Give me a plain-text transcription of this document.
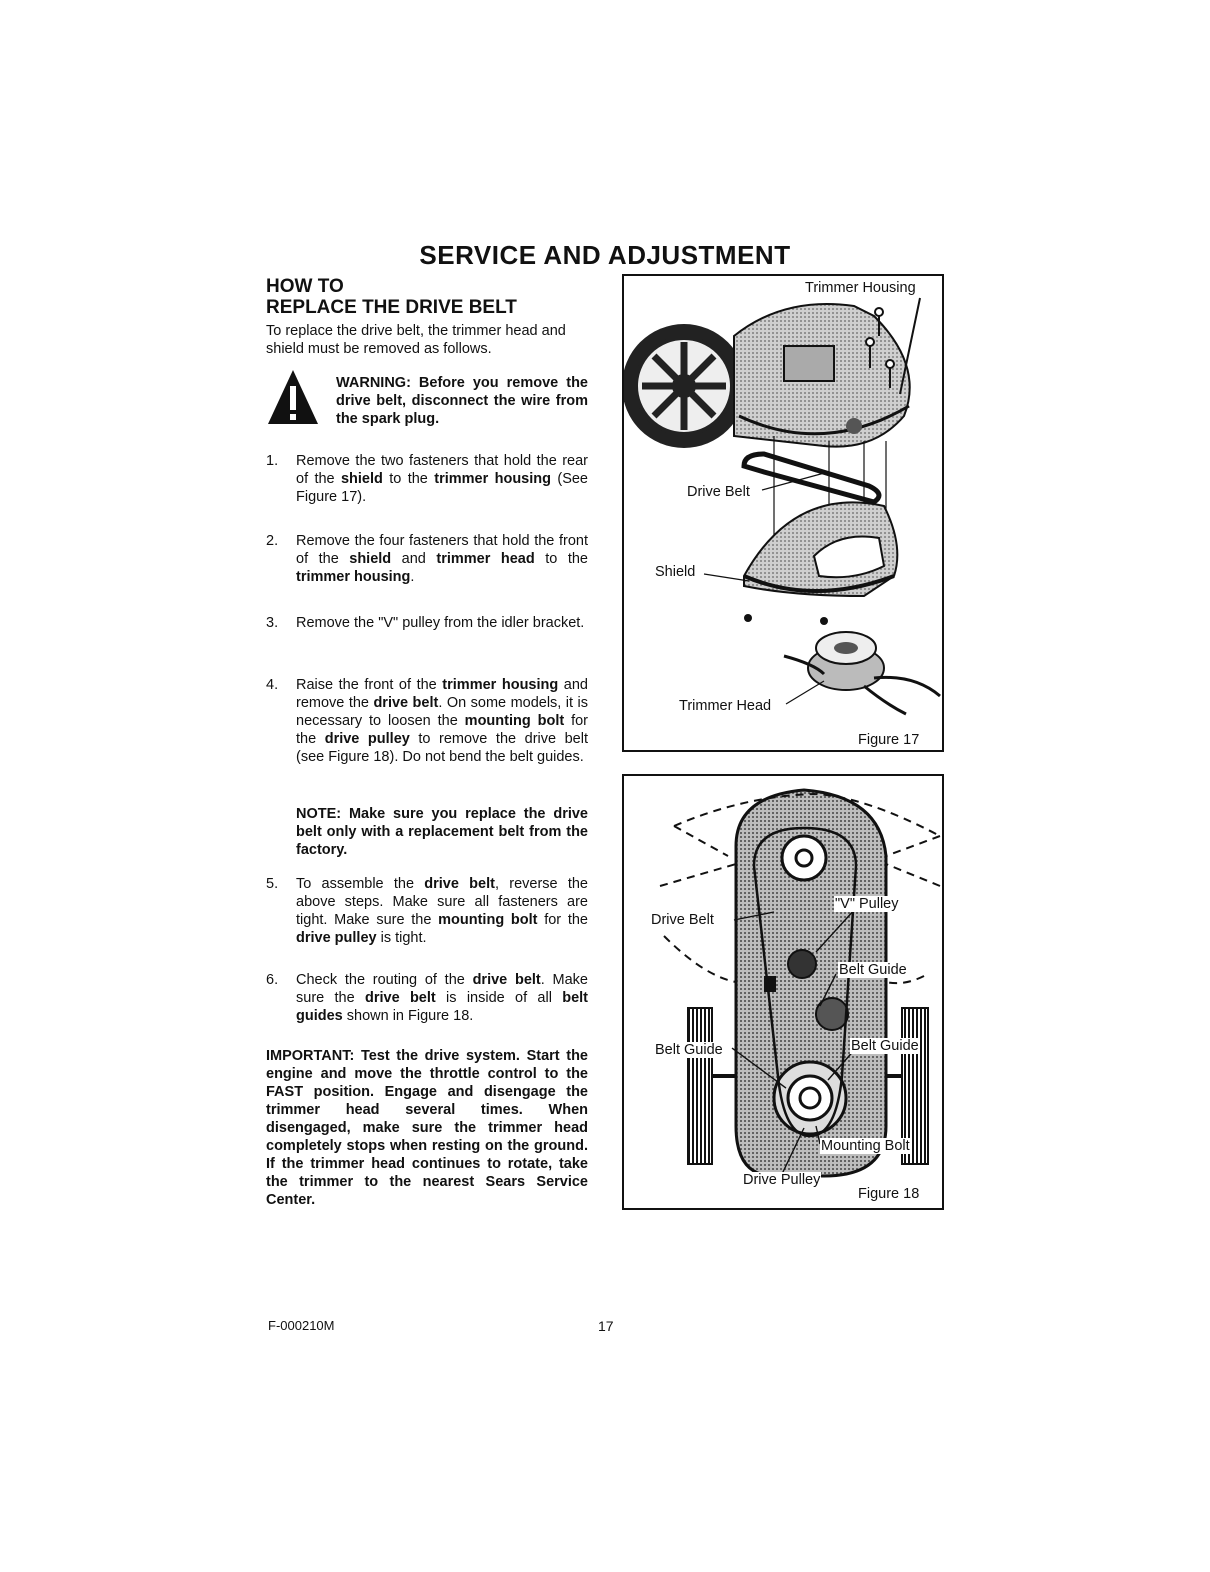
SERVICE AND ADJUSTMENT
HOW TO
REPLACE THE DRIVE BELT
To replace the drive belt, the trimmer head and shield must be removed as follows.
WARNING: Before you remove the drive belt, disconnect the wire from the spark plug.
1.	Remove the two fasteners that hold the rear of the shield to the trimmer housing (See Figure 17).
2.	Remove the four fasteners that hold the front of the shield and trimmer head to the trimmer housing.
3.	Remove the "V" pulley from the idler bracket.
4.	Raise the front of the trimmer housing and remove the drive belt. On some models, it is necessary to loosen the mounting bolt for the drive pulley to remove the drive belt (see Figure 18). Do not bend the belt guides.
5.	To assemble the drive belt, reverse the above steps. Make sure all fasteners are tight. Make sure the mounting bolt for the drive pulley is tight.
6.	Check the routing of the drive belt. Make sure the drive belt is inside of all belt guides shown in Figure 18.
NOTE: Make sure you replace the drive belt only with a replacement belt from the factory.
IMPORTANT: Test the drive system. Start the engine and move the throttle control to the FAST position. Engage and disengage the trimmer head several times. When disengaged, make sure the trimmer head completely stops when resting on the ground. If the trimmer head continues to rotate, take the trimmer to the nearest Sears Service Center.
Trimmer Housing
Drive Belt
Shield
Trimmer Head
Figure 17
Drive Belt
"V" Pulley
Belt Guide
Belt Guide	Belt Guide
Mounting Bolt
Drive Pulley
Figure 18
F-000210M	17
